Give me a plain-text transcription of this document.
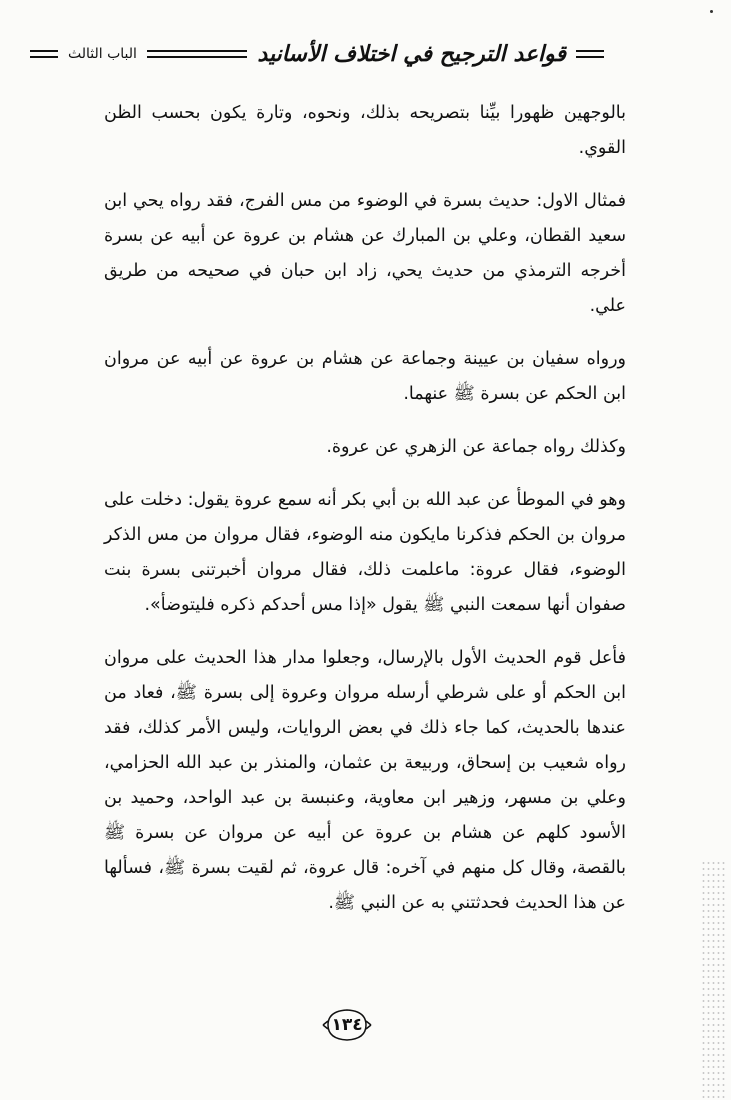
قواعد الترجيح في اختلاف الأسانيد
الباب الثالث

بالوجهين ظهورا بيِّنا بتصريحه بذلك، ونحوه، وتارة يكون بحسب الظن القوي.

فمثال الاول: حديث بسرة في الوضوء من مس الفرج، فقد رواه يحي ابن سعيد القطان، وعلي بن المبارك عن هشام بن عروة عن أبيه عن بسرة أخرجه الترمذي من حديث يحي، زاد ابن حبان في صحيحه من طريق علي.

ورواه سفيان بن عيينة وجماعة عن هشام بن عروة عن أبيه عن مروان ابن الحكم عن بسرة ﷺ عنهما.

وكذلك رواه جماعة عن الزهري عن عروة.

وهو في الموطأ عن عبد الله بن أبي بكر أنه سمع عروة يقول: دخلت على مروان بن الحكم فذكرنا مايكون منه الوضوء، فقال مروان من مس الذكر الوضوء، فقال عروة: ماعلمت ذلك، فقال مروان أخبرتنى بسرة بنت صفوان أنها سمعت النبي ﷺ يقول «إذا مس أحدكم ذكره فليتوضأ».

فأعل قوم الحديث الأول بالإرسال، وجعلوا مدار هذا الحديث على مروان ابن الحكم أو على شرطي أرسله مروان وعروة إلى بسرة ﷺ، فعاد من عندها بالحديث، كما جاء ذلك في بعض الروايات، وليس الأمر كذلك، فقد رواه شعيب بن إسحاق، وربيعة بن عثمان، والمنذر بن عبد الله الحزامي، وعلي بن مسهر، وزهير ابن معاوية، وعنبسة بن عبد الواحد، وحميد بن الأسود كلهم عن هشام بن عروة عن أبيه عن مروان عن بسرة ﷺ بالقصة، وقال كل منهم في آخره: قال عروة، ثم لقيت بسرة ﷺ، فسألها عن هذا الحديث فحدثتني به عن النبي ﷺ.

١٣٤
